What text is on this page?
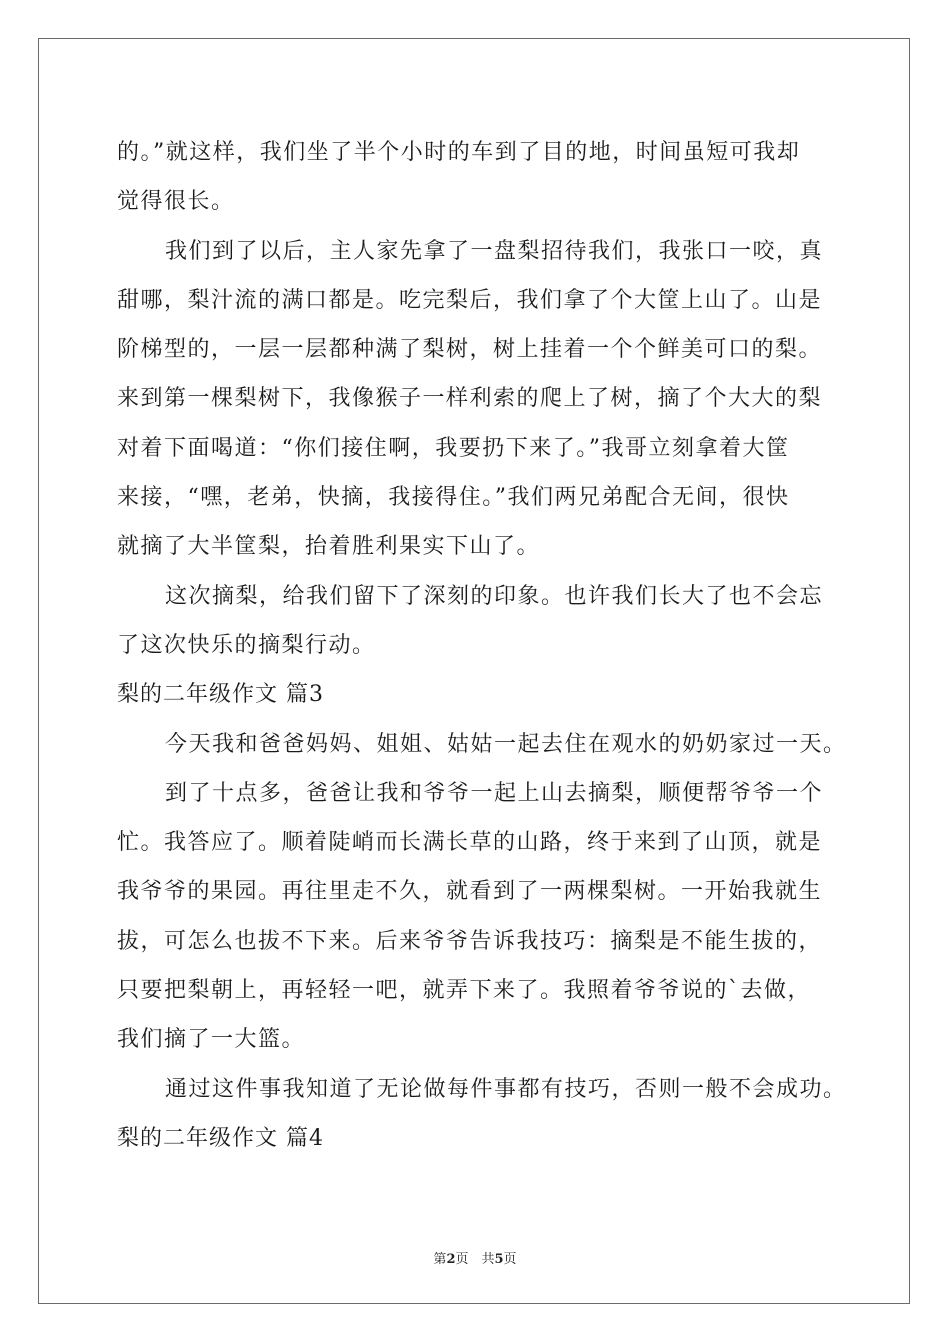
的。”就这样，我们坐了半个小时的车到了目的地，时间虽短可我却
觉得很长。
我们到了以后，主人家先拿了一盘梨招待我们，我张口一咬，真
甜哪，梨汁流的满口都是。吃完梨后，我们拿了个大筐上山了。山是
阶梯型的，一层一层都种满了梨树，树上挂着一个个鲜美可口的梨。
来到第一棵梨树下，我像猴子一样利索的爬上了树，摘了个大大的梨
对着下面喝道：“你们接住啊，我要扔下来了。”我哥立刻拿着大筐
来接，“嘿，老弟，快摘，我接得住。”我们两兄弟配合无间，很快
就摘了大半筐梨，抬着胜利果实下山了。
这次摘梨，给我们留下了深刻的印象。也许我们长大了也不会忘
了这次快乐的摘梨行动。
梨的二年级作文 篇3
今天我和爸爸妈妈、姐姐、姑姑一起去住在观水的奶奶家过一天。
到了十点多，爸爸让我和爷爷一起上山去摘梨，顺便帮爷爷一个
忙。我答应了。顺着陡峭而长满长草的山路，终于来到了山顶，就是
我爷爷的果园。再往里走不久，就看到了一两棵梨树。一开始我就生
拔，可怎么也拔不下来。后来爷爷告诉我技巧：摘梨是不能生拔的，
只要把梨朝上，再轻轻一吧，就弄下来了。我照着爷爷说的`去做，
我们摘了一大篮。
通过这件事我知道了无论做每件事都有技巧，否则一般不会成功。
梨的二年级作文 篇4
第2页　共5页
